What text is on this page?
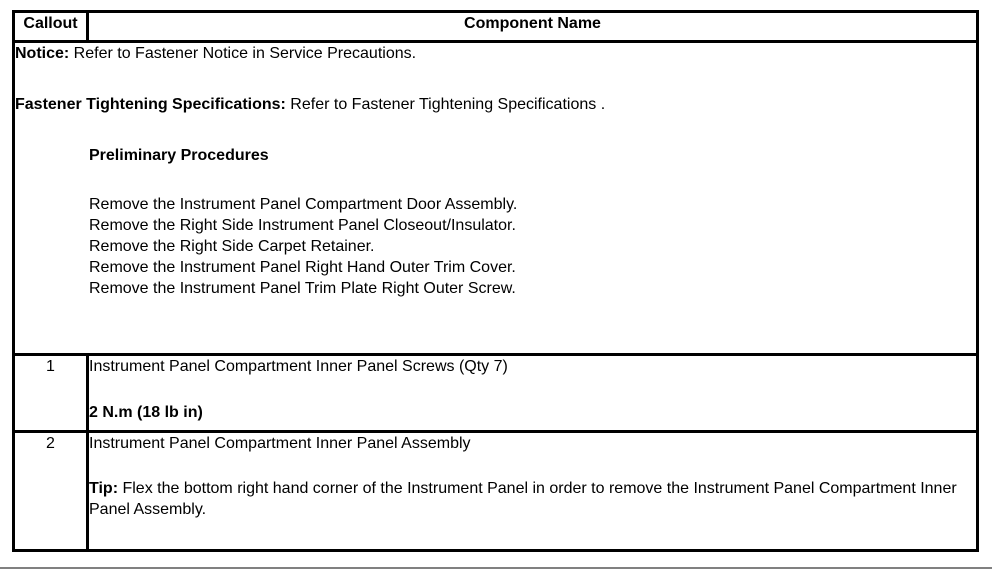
Callout	Component Name

Notice: Refer to Fastener Notice in Service Precautions.
Fastener Tightening Specifications: Refer to Fastener Tightening Specifications .
Preliminary Procedures
Remove the Instrument Panel Compartment Door Assembly.
Remove the Right Side Instrument Panel Closeout/Insulator.
Remove the Right Side Carpet Retainer.
Remove the Instrument Panel Right Hand Outer Trim Cover.
Remove the Instrument Panel Trim Plate Right Outer Screw.

1	Instrument Panel Compartment Inner Panel Screws (Qty 7)
2 N.m (18 lb in)

2	Instrument Panel Compartment Inner Panel Assembly
Tip: Flex the bottom right hand corner of the Instrument Panel in order to remove the Instrument Panel Compartment Inner Panel Assembly.
